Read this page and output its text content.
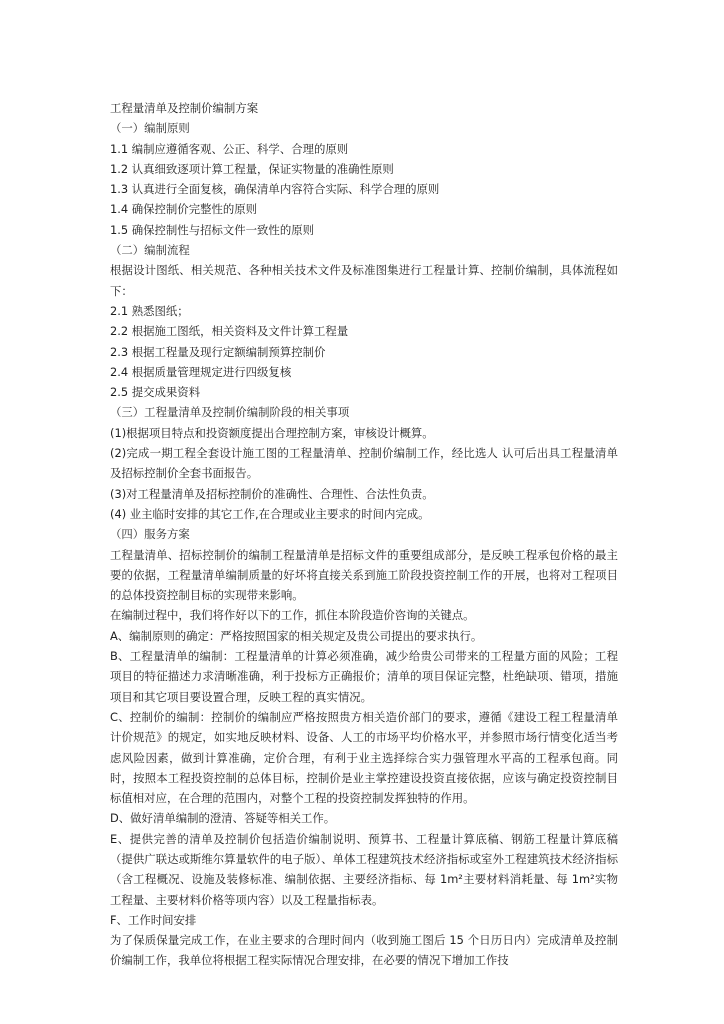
工程量清单及控制价编制方案

（一）编制原则

1.1 编制应遵循客观、公正、科学、合理的原则

1.2 认真细致逐项计算工程量，保证实物量的准确性原则

1.3 认真进行全面复核，确保清单内容符合实际、科学合理的原则

1.4 确保控制价完整性的原则

1.5 确保控制性与招标文件一致性的原则

（二）编制流程

根据设计图纸、相关规范、各种相关技术文件及标准图集进行工程量计算、控制价编制，具体流程如下：

2.1 熟悉图纸；

2.2 根据施工图纸，相关资料及文件计算工程量

2.3 根据工程量及现行定额编制预算控制价

2.4 根据质量管理规定进行四级复核

2.5 提交成果资料

（三）工程量清单及控制价编制阶段的相关事项

(1)根据项目特点和投资额度提出合理控制方案，审核设计概算。

(2)完成一期工程全套设计施工图的工程量清单、控制价编制工作，经比选人 认可后出具工程量清单及招标控制价全套书面报告。

(3)对工程量清单及招标控制价的准确性、合理性、合法性负责。

(4) 业主临时安排的其它工作,在合理或业主要求的时间内完成。

（四）服务方案

工程量清单、招标控制价的编制工程量清单是招标文件的重要组成部分，是反映工程承包价格的最主要的依据，工程量清单编制质量的好坏将直接关系到施工阶段投资控制工作的开展，也将对工程项目的总体投资控制目标的实现带来影响。

在编制过程中，我们将作好以下的工作，抓住本阶段造价咨询的关键点。

A、编制原则的确定：严格按照国家的相关规定及贵公司提出的要求执行。

B、工程量清单的编制：工程量清单的计算必须准确，减少给贵公司带来的工程量方面的风险；工程项目的特征描述力求清晰准确，利于投标方正确报价；清单的项目保证完整，杜绝缺项、错项，措施项目和其它项目要设置合理，反映工程的真实情况。

C、控制价的编制：控制价的编制应严格按照贵方相关造价部门的要求，遵循《建设工程工程量清单计价规范》的规定，如实地反映材料、设备、人工的市场平均价格水平，并参照市场行情变化适当考虑风险因素，做到计算准确，定价合理，有利于业主选择综合实力强管理水平高的工程承包商。同时，按照本工程投资控制的总体目标，控制价是业主掌控建设投资直接依据，应该与确定投资控制目标值相对应，在合理的范围内，对整个工程的投资控制发挥独特的作用。

D、做好清单编制的澄清、答疑等相关工作。

E、提供完善的清单及控制价包括造价编制说明、预算书、工程量计算底稿、钢筋工程量计算底稿（提供广联达或斯维尔算量软件的电子版）、单体工程建筑技术经济指标或室外工程建筑技术经济指标（含工程概况、设施及装修标准、编制依据、主要经济指标、每 1m²主要材料消耗量、每 1m²实物工程量、主要材料价格等项内容）以及工程量指标表。

F、工作时间安排

为了保质保量完成工作，在业主要求的合理时间内（收到施工图后 15 个日历日内）完成清单及控制价编制工作，我单位将根据工程实际情况合理安排，在必要的情况下增加工作技
